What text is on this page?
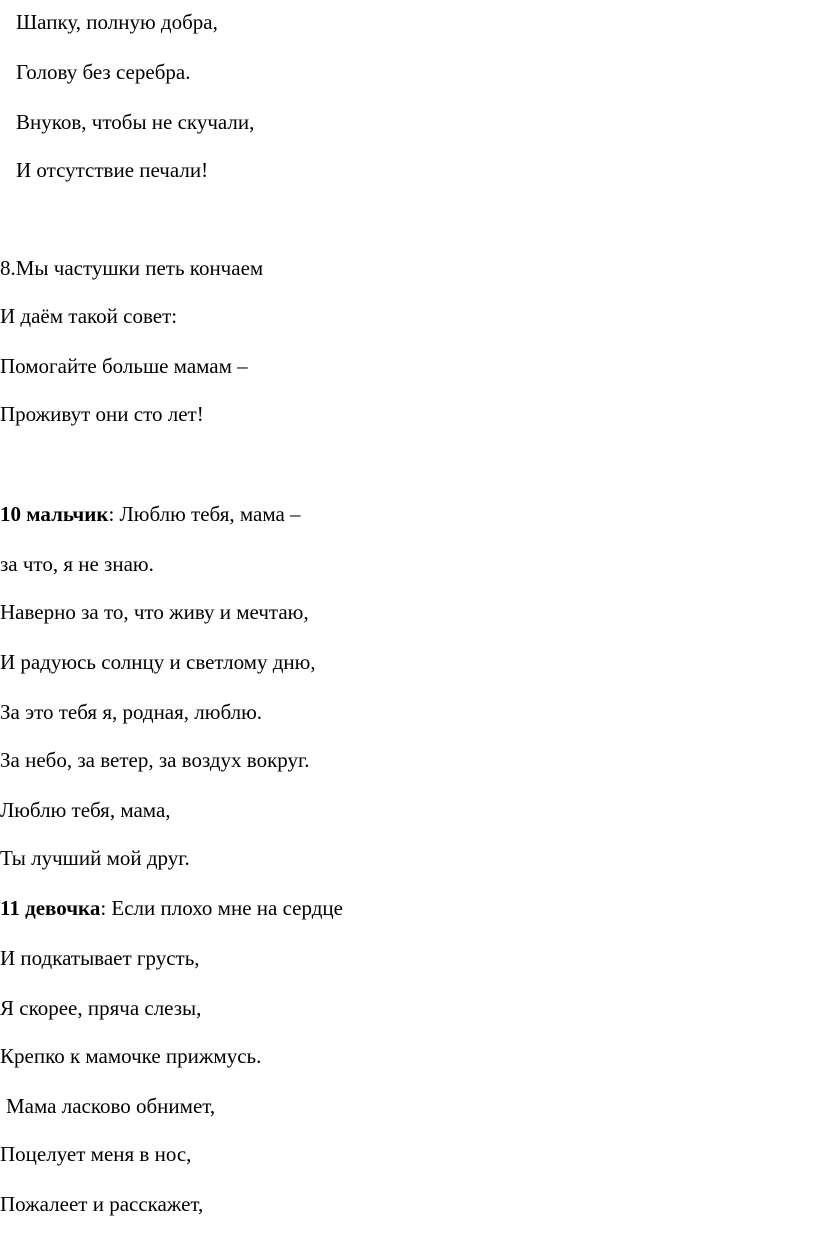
Шапку, полную добра,
Голову без серебра.
Внуков, чтобы не скучали,
И отсутствие печали!
8.Мы частушки петь кончаем
И даём такой совет:
Помогайте больше мамам –
Проживут они сто лет!
10 мальчик: Люблю тебя, мама –
за что, я не знаю.
Наверно за то, что живу и мечтаю,
И радуюсь солнцу и светлому дню,
За это тебя я, родная, люблю.
За небо, за ветер, за воздух вокруг.
Люблю тебя, мама,
Ты лучший мой друг.
11 девочка: Если плохо мне на сердце
И подкатывает грусть,
Я скорее, пряча слезы,
Крепко к мамочке прижмусь.
Мама ласково обнимет,
Поцелует меня в нос,
Пожалеет и расскажет,
